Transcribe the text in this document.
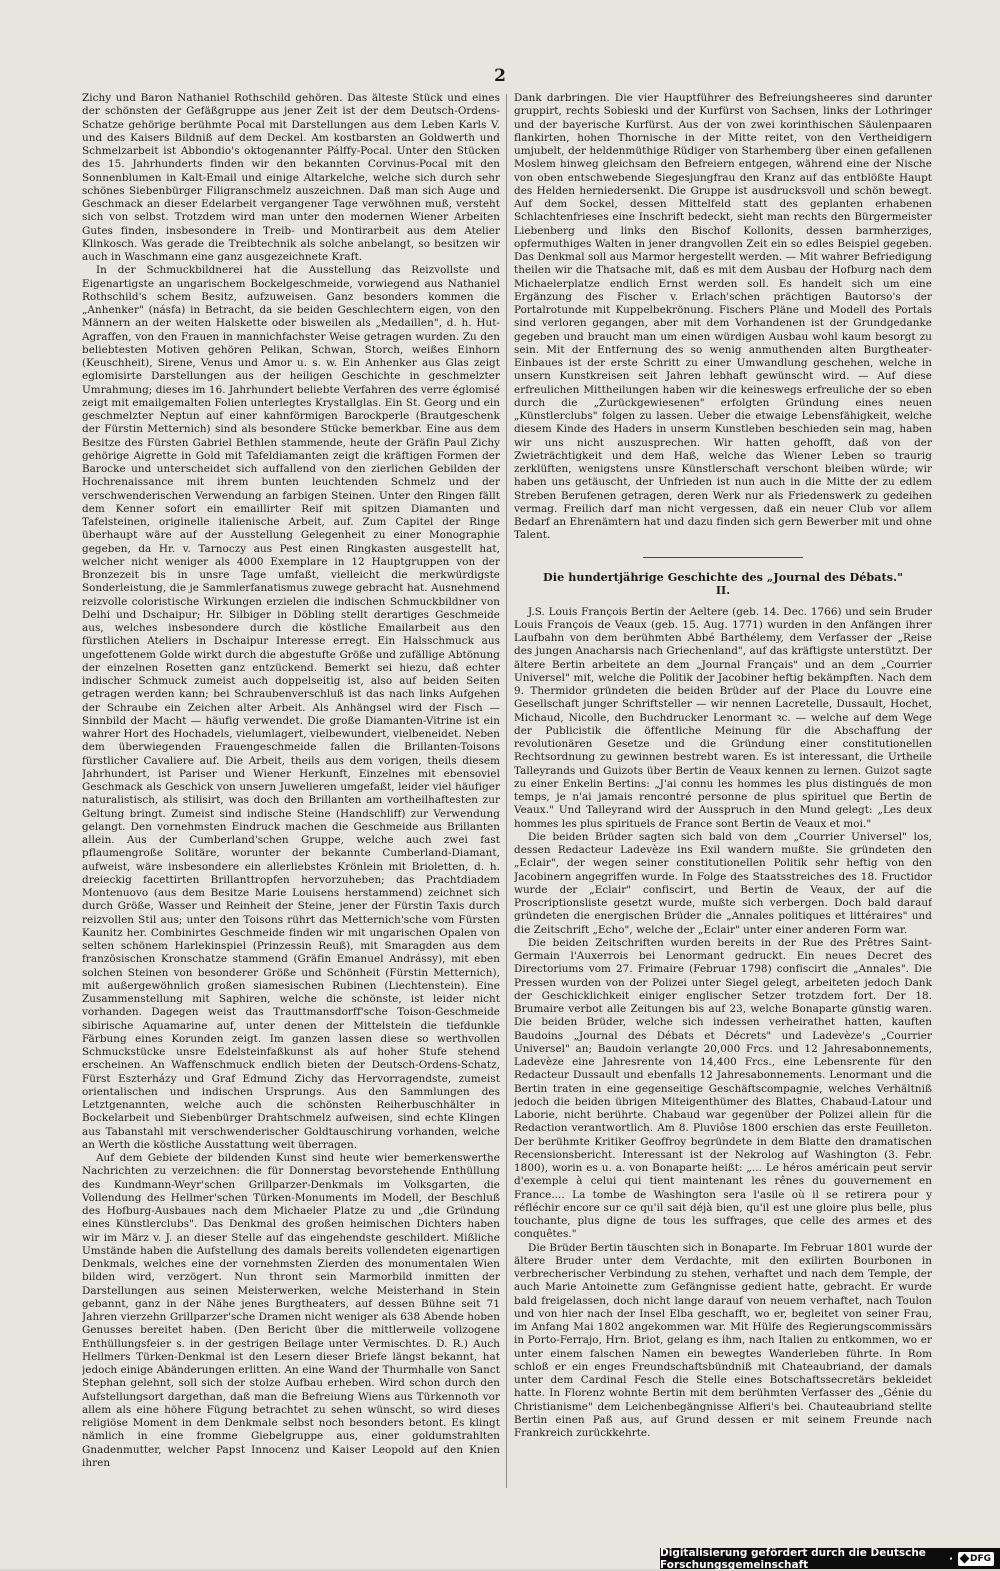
2

Zichy und Baron Nathaniel Rothschild gehören. Das älteste Stück und eines der schönsten der Gefäßgruppe aus jener Zeit ist der dem Deutsch-Ordens-Schatze gehörige berühmte Pocal mit Darstellungen aus dem Leben Karls V. und des Kaisers Bildniß auf dem Deckel. Am kostbarsten an Goldwerth und Schmelzarbeit ist Abbondio's oktogenannter Pálffy-Pocal. Unter den Stücken des 15. Jahrhunderts finden wir den bekannten Corvinus-Pocal mit den Sonnenblumen in Kalt-Email und einige Altarkelche, welche sich durch sehr schönes Siebenbürger Filigranschmelz auszeichnen. Daß man sich Auge und Geschmack an dieser Edelarbeit vergangener Tage verwöhnen muß, versteht sich von selbst. Trotzdem wird man unter den modernen Wiener Arbeiten Gutes finden, insbesondere in Treib- und Montirarbeit aus dem Atelier Klinkosch. Was gerade die Treibtechnik als solche anbelangt, so besitzen wir auch in Waschmann eine ganz ausgezeichnete Kraft.

In der Schmuckbildnerei hat die Ausstellung das Reizvollste und Eigenartigste an ungarischem Bockelgeschmeide, vorwiegend aus Nathaniel Rothschild's schem Besitz, aufzuweisen. Ganz besonders kommen die „Anhenker" (násfa) in Betracht, da sie beiden Geschlechtern eigen, von den Männern an der weiten Halskette oder bisweilen als „Medaillen", d. h. Hut-Agraffen, von den Frauen in mannichfachster Weise getragen wurden. Zu den beliebtesten Motiven gehören Pelikan, Schwan, Storch, weißes Einhorn (Keuschheit), Sirene, Venus und Amor u. s. w. Ein Anhenker aus Glas zeigt eglomisirte Darstellungen aus der heiligen Geschichte in geschmelzter Umrahmung; dieses im 16. Jahrhundert beliebte Verfahren des verre églomisé zeigt mit emailgemalten Folien unterlegtes Krystallglas. Ein St. Georg und ein geschmelzter Neptun auf einer kahnförmigen Barockperle (Brautgeschenk der Fürstin Metternich) sind als besondere Stücke bemerkbar. Eine aus dem Besitze des Fürsten Gabriel Bethlen stammende, heute der Gräfin Paul Zichy gehörige Aigrette in Gold mit Tafeldiamanten zeigt die kräftigen Formen der Barocke und unterscheidet sich auffallend von den zierlichen Gebilden der Hochrenaissance mit ihrem bunten leuchtenden Schmelz und der verschwenderischen Verwendung an farbigen Steinen. Unter den Ringen fällt dem Kenner sofort ein emaillirter Reif mit spitzen Diamanten und Tafelsteinen, originelle italienische Arbeit, auf. Zum Capitel der Ringe überhaupt wäre auf der Ausstellung Gelegenheit zu einer Monographie gegeben, da Hr. v. Tarnoczy aus Pest einen Ringkasten ausgestellt hat, welcher nicht weniger als 4000 Exemplare in 12 Hauptgruppen von der Bronzezeit bis in unsre Tage umfaßt, vielleicht die merkwürdigste Sonderleistung, die je Sammlerfanatismus zuwege gebracht hat. Ausnehmend reizvolle coloristische Wirkungen erzielen die indischen Schmuckbildner von Delhi und Dschaipur; Hr. Silbiger in Döbling stellt derartiges Geschmeide aus, welches insbesondere durch die köstliche Emailarbeit aus den fürstlichen Ateliers in Dschaipur Interesse erregt. Ein Halsschmuck aus ungefottenem Golde wirkt durch die abgestufte Größe und zufällige Abtönung der einzelnen Rosetten ganz entzückend. Bemerkt sei hiezu, daß echter indischer Schmuck zumeist auch doppelseitig ist, also auf beiden Seiten getragen werden kann; bei Schraubenverschluß ist das nach links Aufgehen der Schraube ein Zeichen alter Arbeit. Als Anhängsel wird der Fisch — Sinnbild der Macht — häufig verwendet. Die große Diamanten-Vitrine ist ein wahrer Hort des Hochadels, vielumlagert, vielbewundert, vielbeneidet. Neben dem überwiegenden Frauengeschmeide fallen die Brillanten-Toisons fürstlicher Cavaliere auf. Die Arbeit, theils aus dem vorigen, theils diesem Jahrhundert, ist Pariser und Wiener Herkunft, Einzelnes mit ebensoviel Geschmack als Geschick von unsern Juwelieren umgefaßt, leider viel häufiger naturalistisch, als stilisirt, was doch den Brillanten am vortheilhaftesten zur Geltung bringt. Zumeist sind indische Steine (Handschliff) zur Verwendung gelangt. Den vornehmsten Eindruck machen die Geschmeide aus Brillanten allein. Aus der Cumberland'schen Gruppe, welche auch zwei fast pflaumengroße Solitäre, worunter der bekannte Cumberland-Diamant, aufweist, wäre insbesondere ein allerliebstes Krönlein mit Brioletten, d. h. dreieckig facettirten Brillanttropfen hervorzuheben; das Prachtdiadem Montenuovo (aus dem Besitze Marie Louisens herstammend) zeichnet sich durch Größe, Wasser und Reinheit der Steine, jener der Fürstin Taxis durch reizvollen Stil aus; unter den Toisons rührt das Metternich'sche vom Fürsten Kaunitz her. Combinirtes Geschmeide finden wir mit ungarischen Opalen von selten schönem Harlekinspiel (Prinzessin Reuß), mit Smaragden aus dem französischen Kronschatze stammend (Gräfin Emanuel Andrássy), mit eben solchen Steinen von besonderer Größe und Schönheit (Fürstin Metternich), mit außergewöhnlich großen siamesischen Rubinen (Liechtenstein). Eine Zusammenstellung mit Saphiren, welche die schönste, ist leider nicht vorhanden. Dagegen weist das Trauttmansdorff'sche Toison-Geschmeide sibirische Aquamarine auf, unter denen der Mittelstein die tiefdunkle Färbung eines Korunden zeigt. Im ganzen lassen diese so werthvollen Schmuckstücke unsre Edelsteinfaßkunst als auf hoher Stufe stehend erscheinen. An Waffenschmuck endlich bieten der Deutsch-Ordens-Schatz, Fürst Eszterházy und Graf Edmund Zichy das Hervorragendste, zumeist orientalischen und indischen Ursprungs. Aus den Sammlungen des Letztgenannten, welche auch die schönsten Reiherbuschhälter in Bockelarbeit und Siebenbürger Drahtschmelz aufweisen, sind echte Klingen aus Tabanstahl mit verschwenderischer Goldtauschirung vorhanden, welche an Werth die köstliche Ausstattung weit überragen.

Auf dem Gebiete der bildenden Kunst sind heute wier bemerkenswerthe Nachrichten zu verzeichnen: die für Donnerstag bevorstehende Enthüllung des Kundmann-Weyr'schen Grillparzer-Denkmals im Volksgarten, die Vollendung des Hellmer'schen Türken-Monuments im Modell, der Beschluß des Hofburg-Ausbaues nach dem Michaeler Platze zu und „die Gründung eines Künstlerclubs". Das Denkmal des großen heimischen Dichters haben wir im März v. J. an dieser Stelle auf das eingehendste geschildert. Mißliche Umstände haben die Aufstellung des damals bereits vollendeten eigenartigen Denkmals, welches eine der vornehmsten Zierden des monumentalen Wien bilden wird, verzögert. Nun thront sein Marmorbild inmitten der Darstellungen aus seinen Meisterwerken, welche Meisterhand in Stein gebannt, ganz in der Nähe jenes Burgtheaters, auf dessen Bühne seit 71 Jahren vierzehn Grillparzer'sche Dramen nicht weniger als 638 Abende hoben Genusses bereitet haben. (Den Bericht über die mittlerweile vollzogene Enthüllungsfeier s. in der gestrigen Beilage unter Vermischtes. D. R.) Auch Hellmers Türken-Denkmal ist den Lesern dieser Briefe längst bekannt, hat jedoch einige Abänderungen erlitten. An eine Wand der Thurmhalle von Sanct Stephan gelehnt, soll sich der stolze Aufbau erheben. Wird schon durch den Aufstellungsort dargethan, daß man die Befreiung Wiens aus Türkennoth vor allem als eine höhere Fügung betrachtet zu sehen wünscht, so wird dieses religiöse Moment in dem Denkmale selbst noch besonders betont. Es klingt nämlich in eine fromme Giebelgruppe aus, einer goldumstrahlten Gnadenmutter, welcher Papst Innocenz und Kaiser Leopold auf den Knien ihren

Dank darbringen. Die vier Hauptführer des Befreiungsheeres sind darunter gruppirt, rechts Sobieski und der Kurfürst von Sachsen, links der Lothringer und der bayerische Kurfürst. Aus der von zwei korinthischen Säulenpaaren flankirten, hohen Thornische in der Mitte reitet, von den Vertheidigern umjubelt, der heldenmüthige Rüdiger von Starhemberg über einen gefallenen Moslem hinweg gleichsam den Befreiern entgegen, während eine der Nische von oben entschwebende Siegesjungfrau den Kranz auf das entblößte Haupt des Helden herniedersenkt. Die Gruppe ist ausdrucksvoll und schön bewegt. Auf dem Sockel, dessen Mittelfeld statt des geplanten erhabenen Schlachtenfrieses eine Inschrift bedeckt, sieht man rechts den Bürgermeister Liebenberg und links den Bischof Kollonits, dessen barmherziges, opfermuthiges Walten in jener drangvollen Zeit ein so edles Beispiel gegeben. Das Denkmal soll aus Marmor hergestellt werden. — Mit wahrer Befriedigung theilen wir die Thatsache mit, daß es mit dem Ausbau der Hofburg nach dem Michaelerplatze endlich Ernst werden soll. Es handelt sich um eine Ergänzung des Fischer v. Erlach'schen prächtigen Bautorso's der Portalrotunde mit Kuppelbekrönung. Fischers Pläne und Modell des Portals sind verloren gegangen, aber mit dem Vorhandenen ist der Grundgedanke gegeben und braucht man um einen würdigen Ausbau wohl kaum besorgt zu sein. Mit der Entfernung des so wenig anmuthenden alten Burgtheater-Einbaues ist der erste Schritt zu einer Umwandlung geschehen, welche in unsern Kunstkreisen seit Jahren lebhaft gewünscht wird. — Auf diese erfreulichen Mittheilungen haben wir die keineswegs erfreuliche der so eben durch die „Zurückgewiesenen" erfolgten Gründung eines neuen „Künstlerclubs" folgen zu lassen. Ueber die etwaige Lebensfähigkeit, welche diesem Kinde des Haders in unserm Kunstleben beschieden sein mag, haben wir uns nicht auszusprechen. Wir hatten gehofft, daß von der Zwieträchtigkeit und dem Haß, welche das Wiener Leben so traurig zerklüften, wenigstens unsre Künstlerschaft verschont bleiben würde; wir haben uns getäuscht, der Unfrieden ist nun auch in die Mitte der zu edlem Streben Berufenen getragen, deren Werk nur als Friedenswerk zu gedeihen vermag. Freilich darf man nicht vergessen, daß ein neuer Club vor allem Bedarf an Ehrenämtern hat und dazu finden sich gern Bewerber mit und ohne Talent.

Die hundertjährige Geschichte des „Journal des Débats."

II.

J.S. Louis François Bertin der Aeltere (geb. 14. Dec. 1766) und sein Bruder Louis François de Veaux (geb. 15. Aug. 1771) wurden in den Anfängen ihrer Laufbahn von dem berühmten Abbé Barthélemy, dem Verfasser der „Reise des jungen Anacharsis nach Griechenland", auf das kräftigste unterstützt. Der ältere Bertin arbeitete an dem „Journal Français" und an dem „Courrier Universel" mit, welche die Politik der Jacobiner heftig bekämpften. Nach dem 9. Thermidor gründeten die beiden Brüder auf der Place du Louvre eine Gesellschaft junger Schriftsteller — wir nennen Lacretelle, Dussault, Hochet, Michaud, Nicolle, den Buchdrucker Lenormant ꝛc. — welche auf dem Wege der Publicistik die öffentliche Meinung für die Abschaffung der revolutionären Gesetze und die Gründung einer constitutionellen Rechtsordnung zu gewinnen bestrebt waren. Es ist interessant, die Urtheile Talleyrands und Guizots über Bertin de Veaux kennen zu lernen. Guizot sagte zu einer Enkelin Bertins: „J'ai connu les hommes les plus distingués de mon temps, je n'ai jamais rencontré personne de plus spirituel que Bertin de Veaux." Und Talleyrand wird der Ausspruch in den Mund gelegt: „Les deux hommes les plus spirituels de France sont Bertin de Veaux et moi."

Die beiden Brüder sagten sich bald von dem „Courrier Universel" los, dessen Redacteur Ladevèze ins Exil wandern mußte. Sie gründeten den „Eclair", der wegen seiner constitutionellen Politik sehr heftig von den Jacobinern angegriffen wurde. In Folge des Staatsstreiches des 18. Fructidor wurde der „Eclair" confiscirt, und Bertin de Veaux, der auf die Proscriptionsliste gesetzt wurde, mußte sich verbergen. Doch bald darauf gründeten die energischen Brüder die „Annales politiques et littéraires" und die Zeitschrift „Echo", welche der „Eclair" unter einer anderen Form war.

Die beiden Zeitschriften wurden bereits in der Rue des Prêtres Saint-Germain l'Auxerrois bei Lenormant gedruckt. Ein neues Decret des Directoriums vom 27. Frimaire (Februar 1798) confiscirt die „Annales". Die Pressen wurden von der Polizei unter Siegel gelegt, arbeiteten jedoch Dank der Geschicklichkeit einiger englischer Setzer trotzdem fort. Der 18. Brumaire verbot alle Zeitungen bis auf 23, welche Bonaparte günstig waren. Die beiden Brüder, welche sich indessen verheirathet hatten, kauften Baudoins „Journal des Débats et Décrets" und Ladevèze's „Courrier Universel" an; Baudoin verlangte 20,000 Frcs. und 12 Jahresabonnements, Ladevèze eine Jahresrente von 14,400 Frcs., eine Lebensrente für den Redacteur Dussault und ebenfalls 12 Jahresabonnements. Lenormant und die Bertin traten in eine gegenseitige Geschäftscompagnie, welches Verhältniß jedoch die beiden übrigen Miteigenthümer des Blattes, Chabaud-Latour und Laborie, nicht berührte. Chabaud war gegenüber der Polizei allein für die Redaction verantwortlich. Am 8. Pluviôse 1800 erschien das erste Feuilleton. Der berühmte Kritiker Geoffroy begründete in dem Blatte den dramatischen Recensionsbericht. Interessant ist der Nekrolog auf Washington (3. Febr. 1800), worin es u. a. von Bonaparte heißt: „... Le héros américain peut servir d'exemple à celui qui tient maintenant les rênes du gouvernement en France.... La tombe de Washington sera l'asile où il se retirera pour y réfléchir encore sur ce qu'il sait déjà bien, qu'il est une gloire plus belle, plus touchante, plus digne de tous les suffrages, que celle des armes et des conquêtes."

Die Brüder Bertin täuschten sich in Bonaparte. Im Februar 1801 wurde der ältere Bruder unter dem Verdachte, mit den exilirten Bourbonen in verbrecherischer Verbindung zu stehen, verhaftet und nach dem Temple, der auch Marie Antoinette zum Gefängnisse gedient hatte, gebracht. Er wurde bald freigelassen, doch nicht lange darauf von neuem verhaftet, nach Toulon und von hier nach der Insel Elba geschafft, wo er, begleitet von seiner Frau, im Anfang Mai 1802 angekommen war. Mit Hülfe des Regierungscommissärs in Porto-Ferrajo, Hrn. Briot, gelang es ihm, nach Italien zu entkommen, wo er unter einem falschen Namen ein bewegtes Wanderleben führte. In Rom schloß er ein enges Freundschaftsbündniß mit Chateaubriand, der damals unter dem Cardinal Fesch die Stelle eines Botschaftssecretärs bekleidet hatte. In Florenz wohnte Bertin mit dem berühmten Verfasser des „Génie du Christianisme" dem Leichenbegängnisse Alfieri's bei. Chauteaubriand stellte Bertin einen Paß aus, auf Grund dessen er mit seinem Freunde nach Frankreich zurückkehrte.

Digitalisierung gefördert durch die Deutsche Forschungsgemeinschaft	· DFG
